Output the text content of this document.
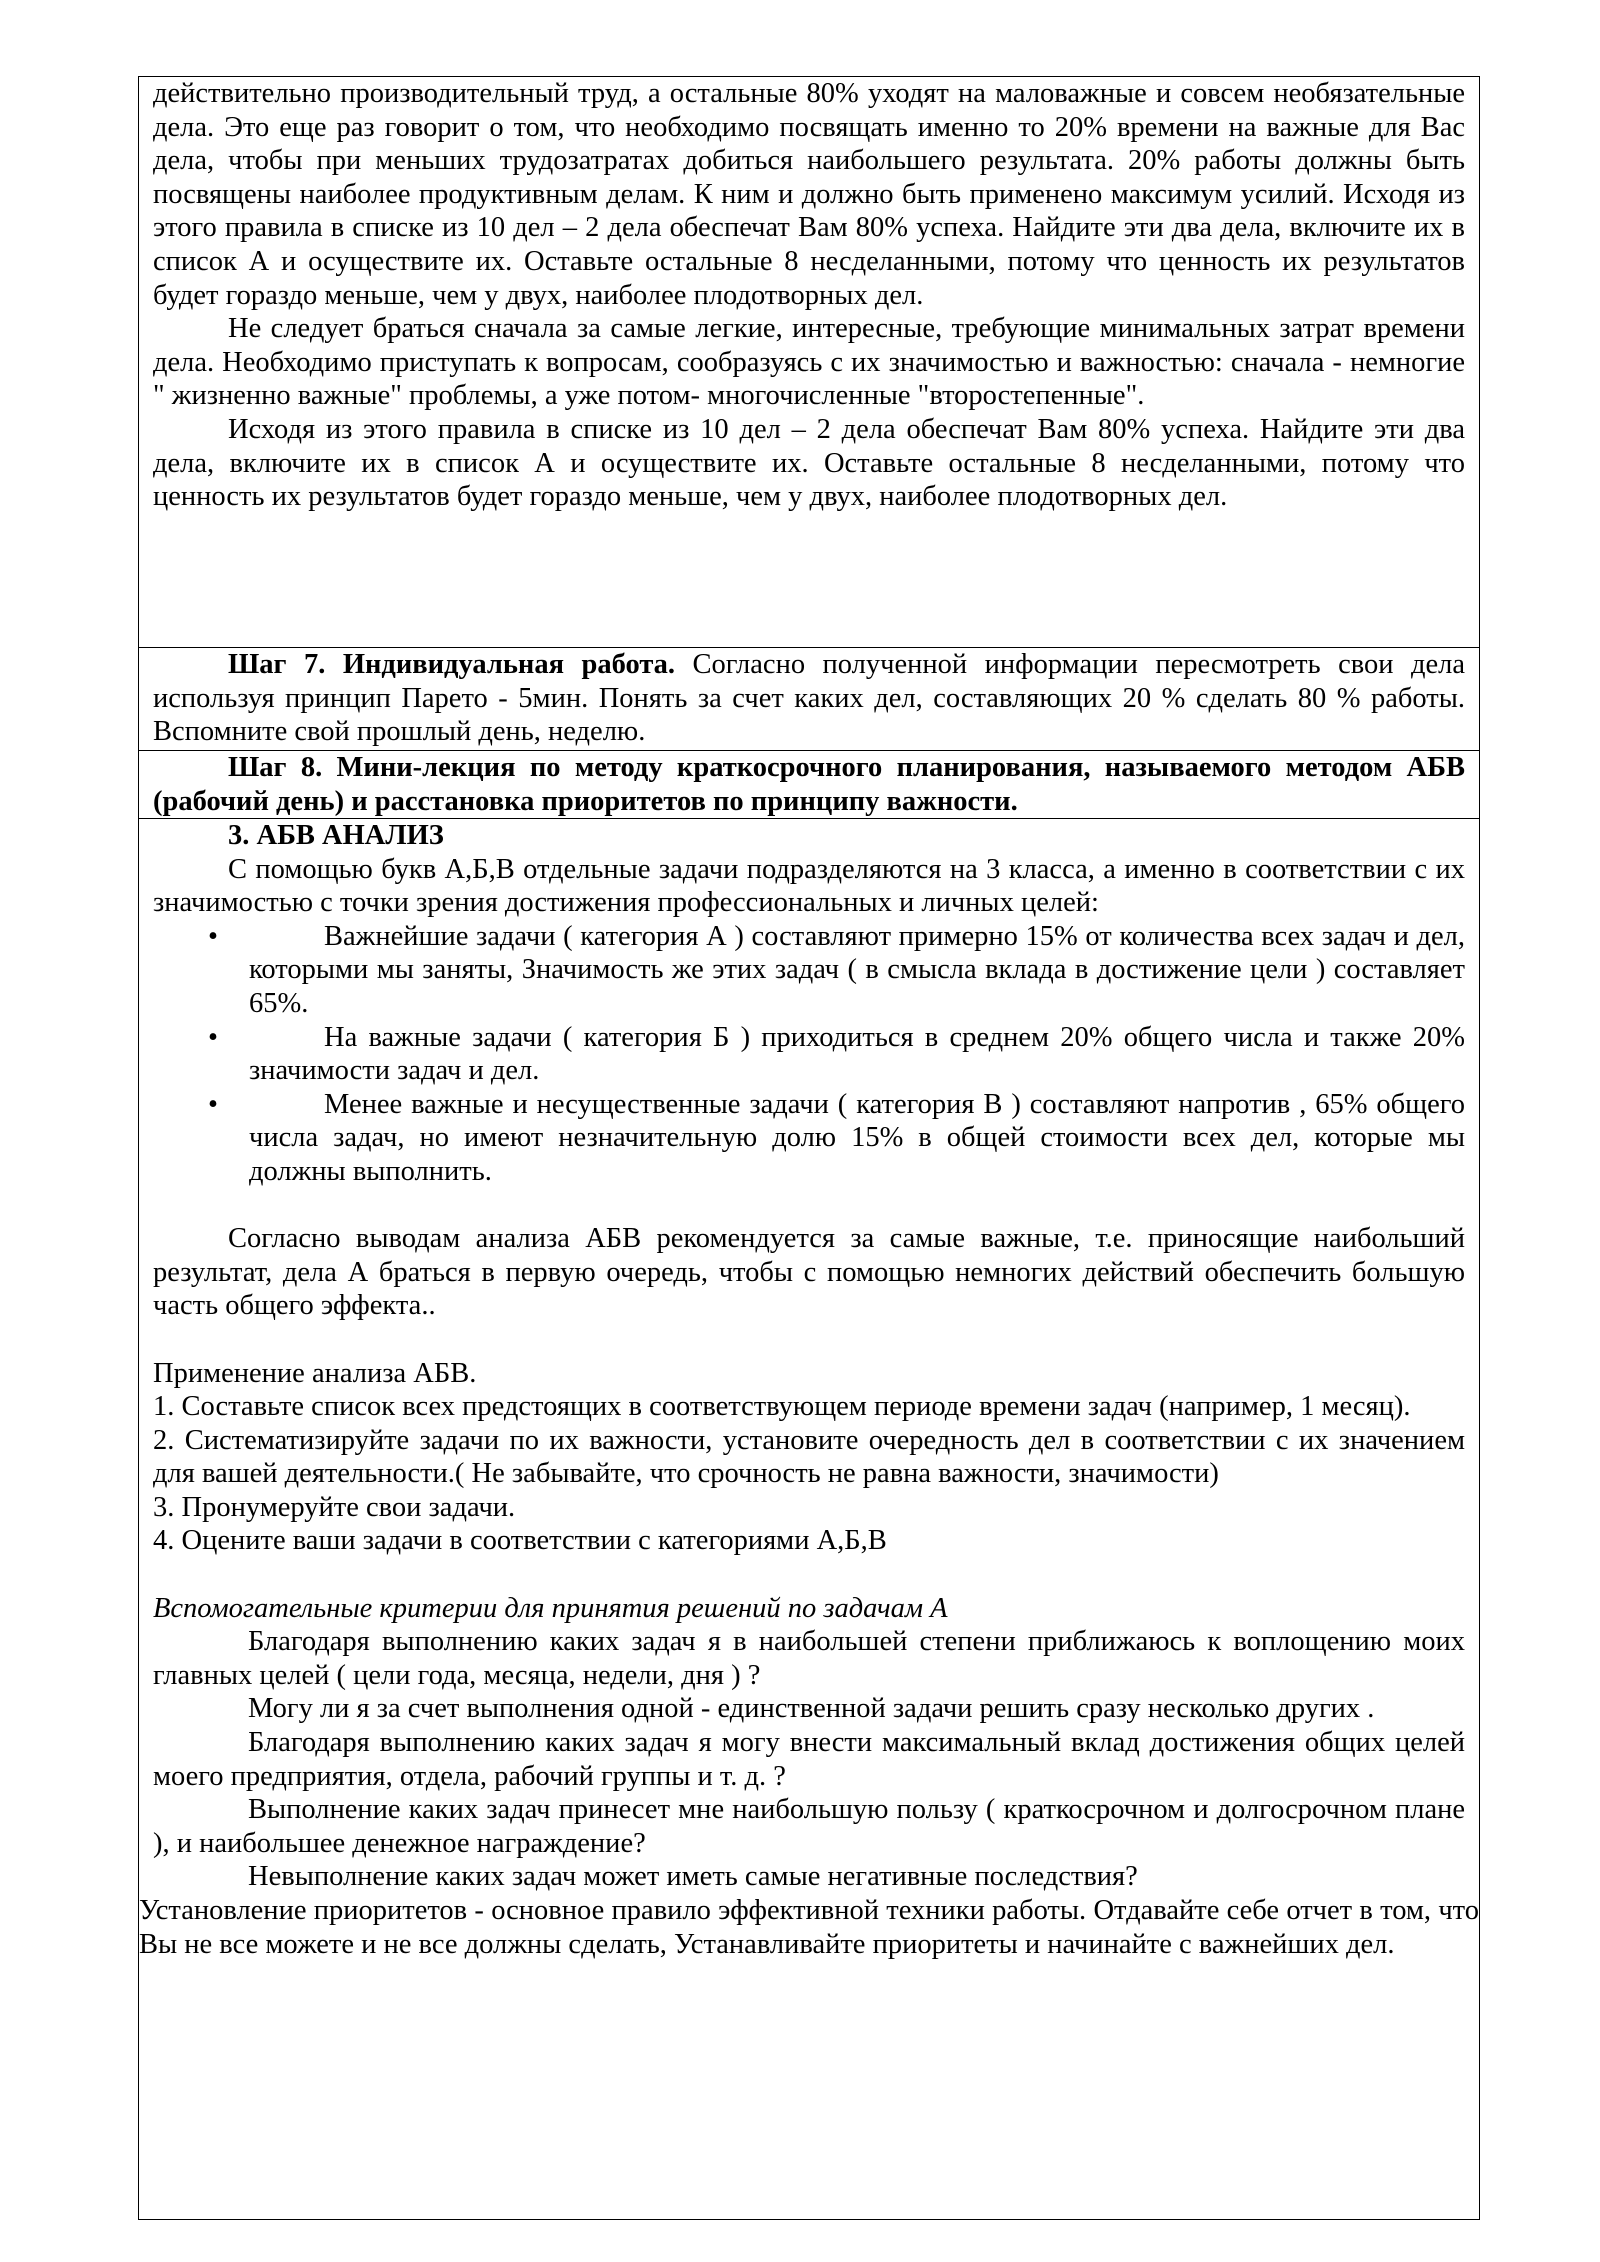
действительно производительный труд, а остальные 80% уходят на маловажные и совсем необязательные дела. Это еще раз говорит о том, что необходимо посвящать именно то 20% времени на важные для Вас дела, чтобы при меньших трудозатратах добиться наибольшего результата. 20% работы должны быть посвящены наиболее продуктивным делам. К ним и должно быть применено максимум усилий. Исходя из этого правила в списке из 10 дел – 2 дела обеспечат Вам 80% успеха. Найдите эти два дела, включите их в список А и осуществите их. Оставьте остальные 8 несделанными, потому что ценность их результатов будет гораздо меньше, чем у двух, наиболее плодотворных дел.

Не следует браться сначала за самые легкие, интересные, требующие минимальных затрат времени дела. Необходимо приступать к вопросам, сообразуясь с их значимостью и важностью: сначала - немногие " жизненно важные" проблемы, а уже потом- многочисленные "второстепенные".

Исходя из этого правила в списке из 10 дел – 2 дела обеспечат Вам 80% успеха. Найдите эти два дела, включите их в список А и осуществите их. Оставьте остальные 8 несделанными, потому что ценность их результатов будет гораздо меньше, чем у двух, наиболее плодотворных дел.

Шаг 7. Индивидуальная работа. Согласно полученной информации пересмотреть свои дела используя принцип Парето - 5мин. Понять за счет каких дел, составляющих 20 % сделать 80 % работы. Вспомните свой прошлый день, неделю.

Шаг 8. Мини-лекция по методу краткосрочного планирования, называемого методом АБВ (рабочий день) и расстановка приоритетов по принципу важности.

3. АБВ АНАЛИЗ

С помощью букв А,Б,В отдельные задачи подразделяются на 3 класса, а именно в соответствии с их значимостью с точки зрения достижения профессиональных и личных целей:

•	Важнейшие задачи ( категория А ) составляют примерно 15% от количества всех задач и дел, которыми мы заняты, Значимость же этих задач ( в смысла вклада в достижение цели ) составляет 65%.
•	На важные задачи ( категория Б ) приходиться в среднем 20% общего числа и также 20% значимости задач и дел.
•	Менее важные и несущественные задачи ( категория В ) составляют напротив , 65% общего числа задач, но имеют незначительную долю 15% в общей стоимости всех дел, которые мы должны выполнить.

Согласно выводам анализа АБВ рекомендуется за самые важные, т.е. приносящие наибольший результат, дела А браться в первую очередь, чтобы с помощью немногих действий обеспечить большую часть общего эффекта..

Применение анализа АБВ.

1. Составьте список всех предстоящих в соответствующем периоде времени задач (например, 1 месяц).

2. Систематизируйте задачи по их важности, установите очередность дел в соответствии с их значением для вашей деятельности.( Не забывайте, что срочность не равна важности, значимости)

3. Пронумеруйте свои задачи.

4. Оцените ваши задачи в соответствии с категориями А,Б,В

Вспомогательные критерии для принятия решений по задачам А

Благодаря выполнению каких задач я в наибольшей степени приближаюсь к воплощению моих главных целей ( цели года, месяца, недели, дня ) ?

Могу ли я за счет выполнения одной - единственной задачи решить сразу несколько других .

Благодаря выполнению каких задач я могу внести максимальный вклад достижения общих целей моего предприятия, отдела, рабочий группы и т. д. ?

Выполнение каких задач принесет мне наибольшую пользу ( краткосрочном и долгосрочном плане ), и наибольшее денежное награждение?

Невыполнение каких задач может иметь самые негативные последствия?

Установление приоритетов - основное правило эффективной техники работы. Отдавайте себе отчет в том, что Вы не все можете и не все должны сделать, Устанавливайте приоритеты и начинайте с важнейших дел.
